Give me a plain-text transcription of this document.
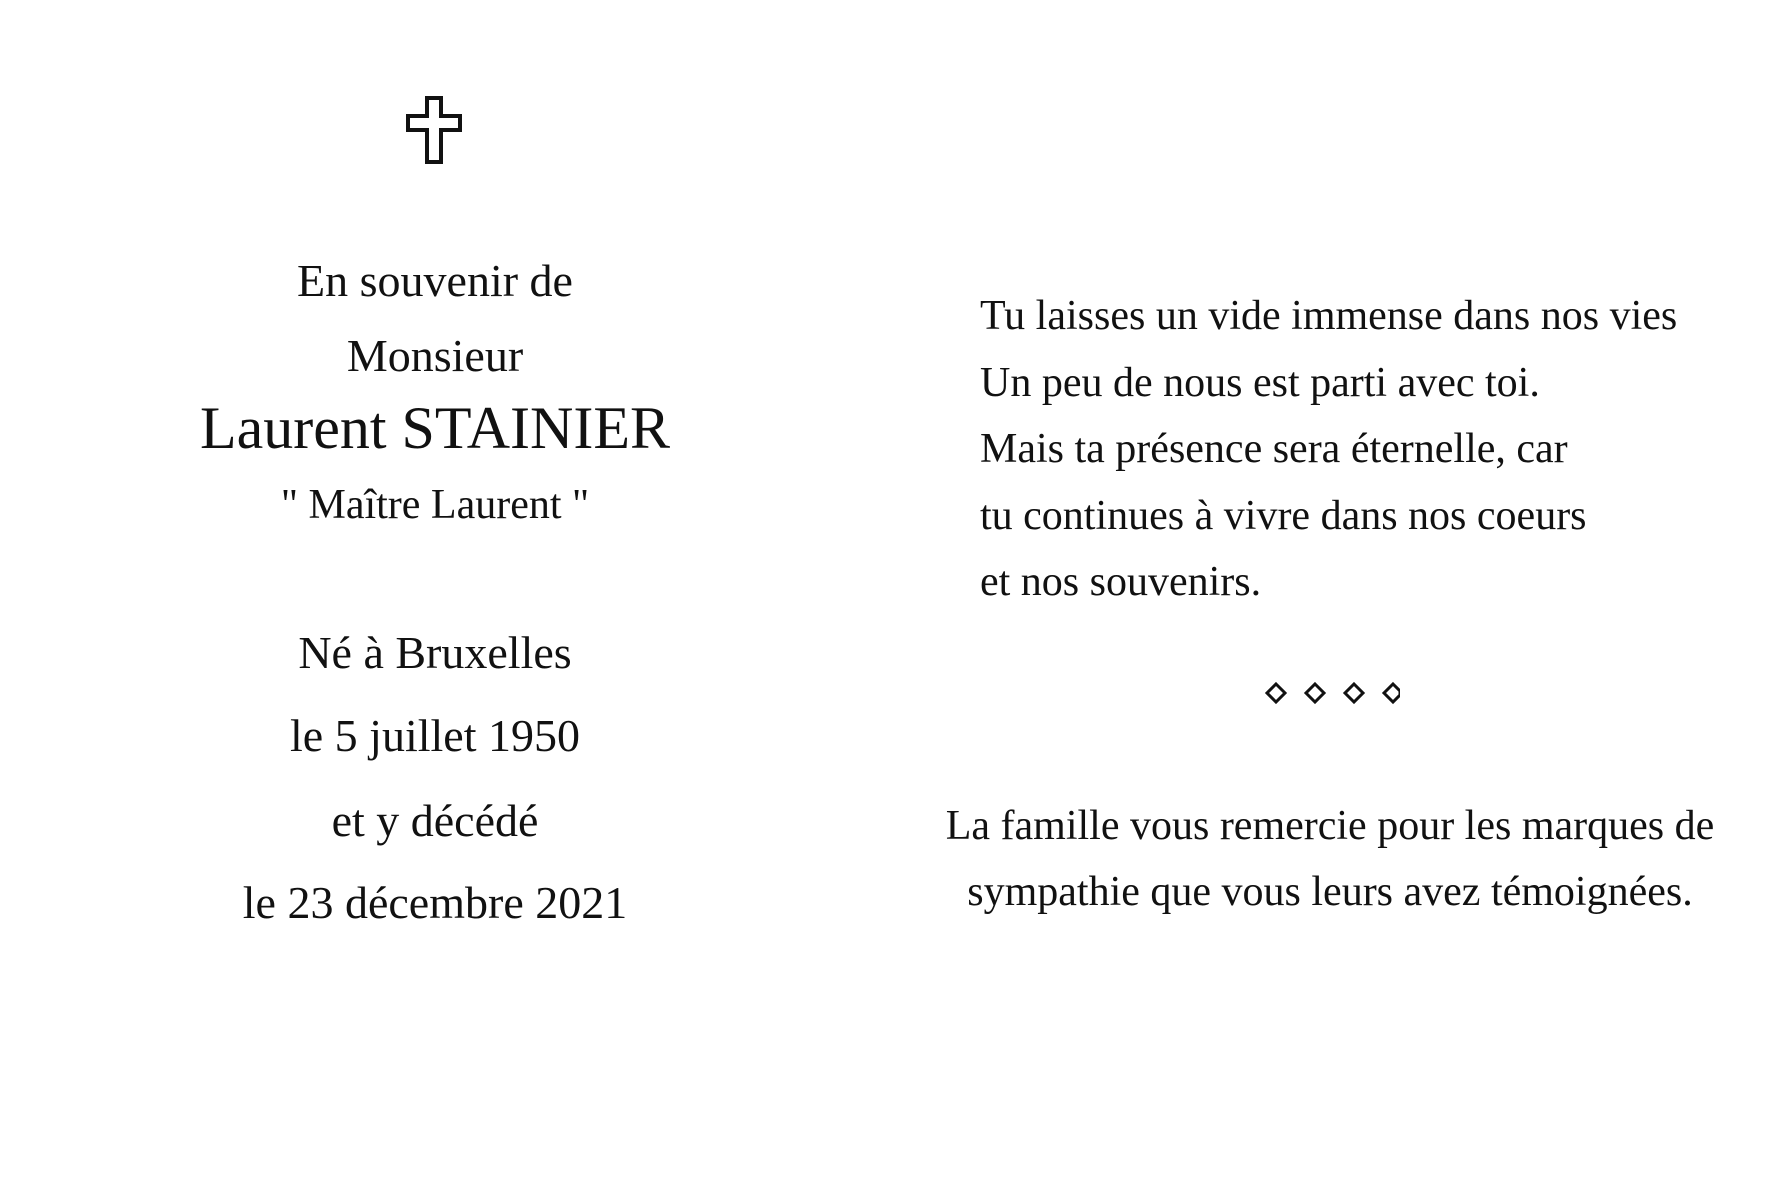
En souvenir de
Monsieur
Laurent STAINIER
" Maître Laurent "
Né à Bruxelles
le 5 juillet 1950
et y décédé
le 23 décembre 2021
Tu laisses un vide immense dans nos vies
Un peu de nous est parti avec toi.
Mais ta présence sera éternelle, car
tu continues à vivre dans nos coeurs
et nos souvenirs.
La famille vous remercie pour les marques de
sympathie que vous leurs avez témoignées.
